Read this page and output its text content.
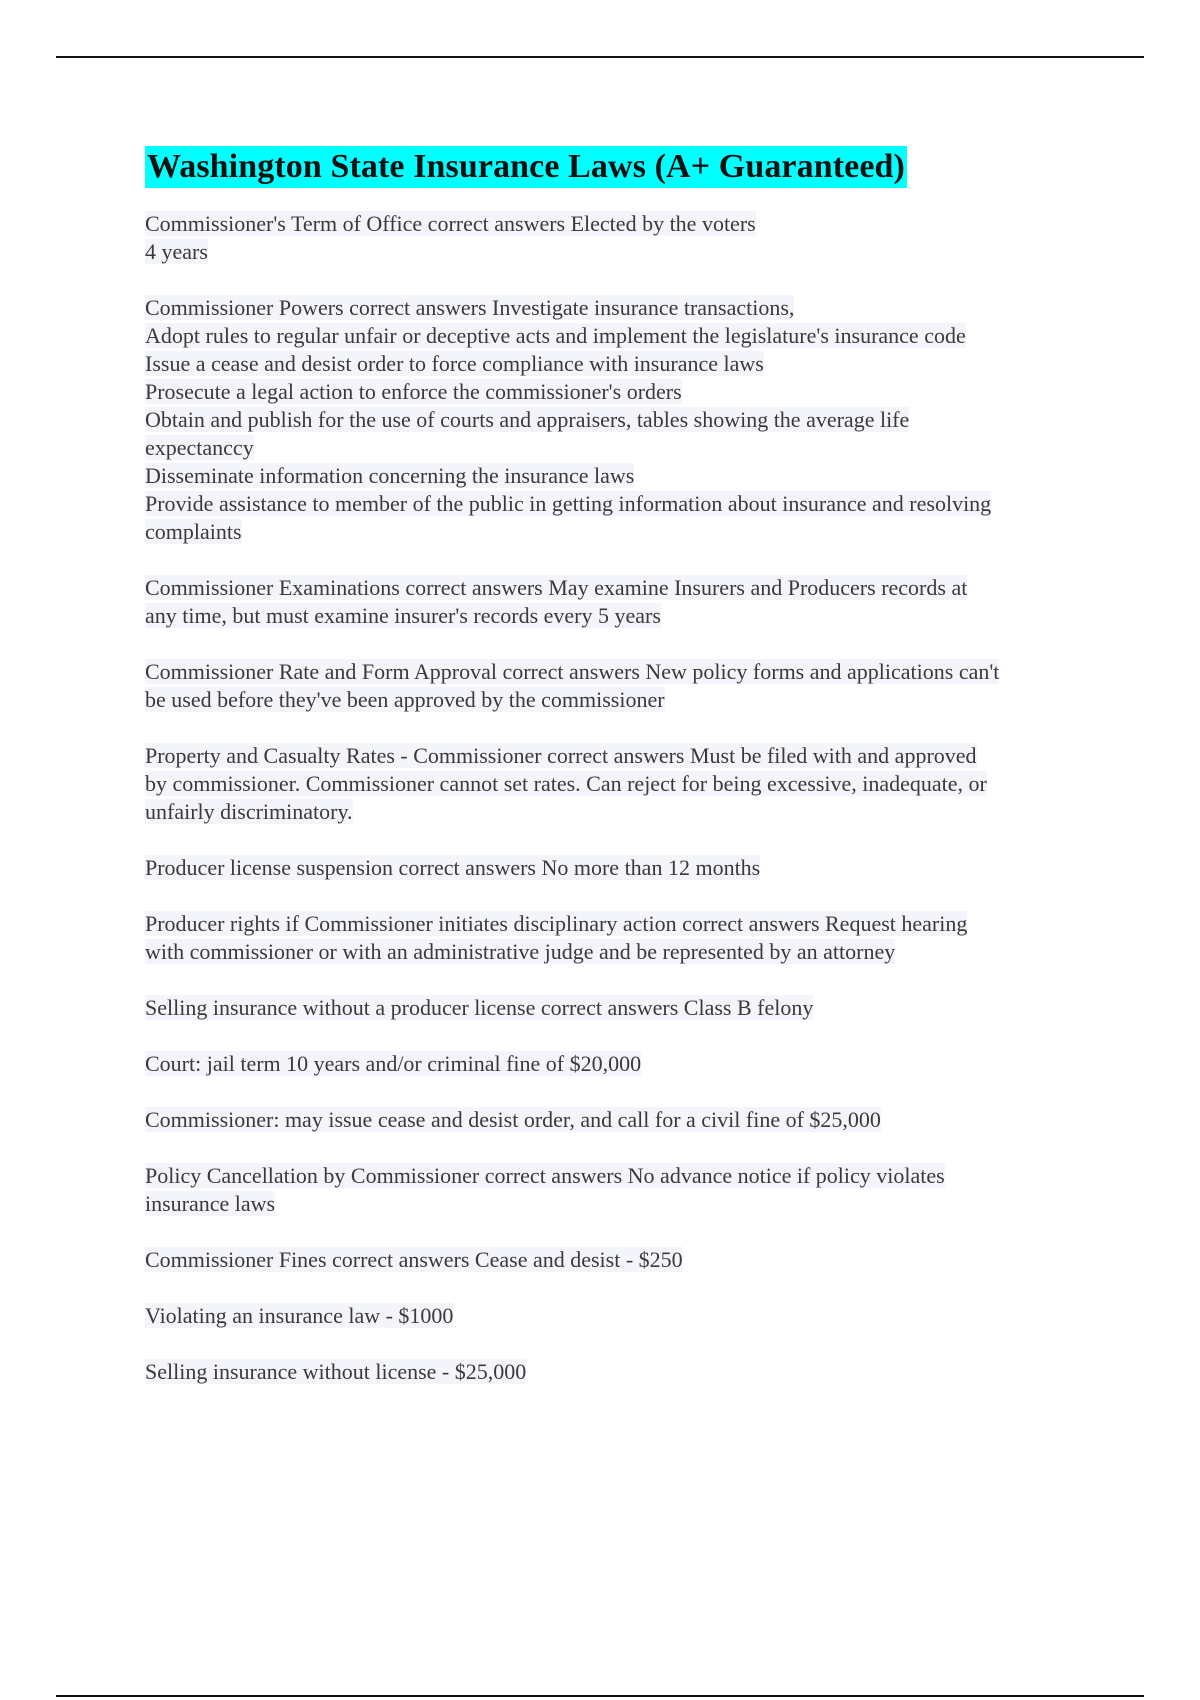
Washington State Insurance Laws (A+ Guaranteed)
Commissioner's Term of Office correct answers Elected by the voters
4 years
Commissioner Powers correct answers Investigate insurance transactions,
Adopt rules to regular unfair or deceptive acts and implement the legislature's insurance code
Issue a cease and desist order to force compliance with insurance laws
Prosecute a legal action to enforce the commissioner's orders
Obtain and publish for the use of courts and appraisers, tables showing the average life
expectanccy
Disseminate information concerning the insurance laws
Provide assistance to member of the public in getting information about insurance and resolving
complaints
Commissioner Examinations correct answers May examine Insurers and Producers records at
any time, but must examine insurer's records every 5 years
Commissioner Rate and Form Approval correct answers New policy forms and applications can't
be used before they've been approved by the commissioner
Property and Casualty Rates - Commissioner correct answers Must be filed with and approved
by commissioner. Commissioner cannot set rates. Can reject for being excessive, inadequate, or
unfairly discriminatory.
Producer license suspension correct answers No more than 12 months
Producer rights if Commissioner initiates disciplinary action correct answers Request hearing
with commissioner or with an administrative judge and be represented by an attorney
Selling insurance without a producer license correct answers Class B felony
Court: jail term 10 years and/or criminal fine of $20,000
Commissioner: may issue cease and desist order, and call for a civil fine of $25,000
Policy Cancellation by Commissioner correct answers No advance notice if policy violates
insurance laws
Commissioner Fines correct answers Cease and desist - $250
Violating an insurance law - $1000
Selling insurance without license - $25,000
